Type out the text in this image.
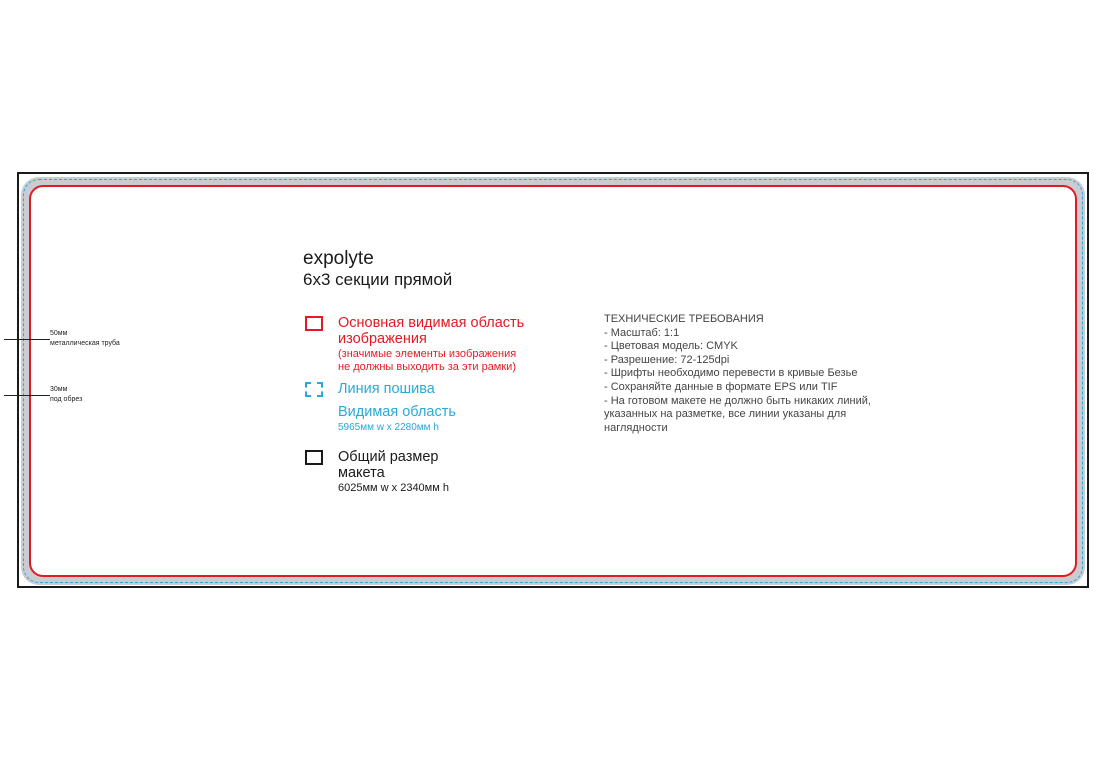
50мм
металлическая труба
30мм
под обрез
expolyte
6x3 секции прямой
Основная видимая область
изображения
(значимые элементы изображения
не должны выходить за эти рамки)
Линия пошива
Видимая область
5965мм w x 2280мм h
Общий размер
макета
6025мм w x 2340мм h
ТЕХНИЧЕСКИЕ ТРЕБОВАНИЯ
- Масштаб: 1:1
- Цветовая модель: CMYK
- Разрешение: 72-125dpi
- Шрифты необходимо перевести в кривые Безье
- Сохраняйте данные в формате EPS или TIF
- На готовом макете не должно быть никаких линий,
указанных на разметке, все линии указаны для
наглядности
